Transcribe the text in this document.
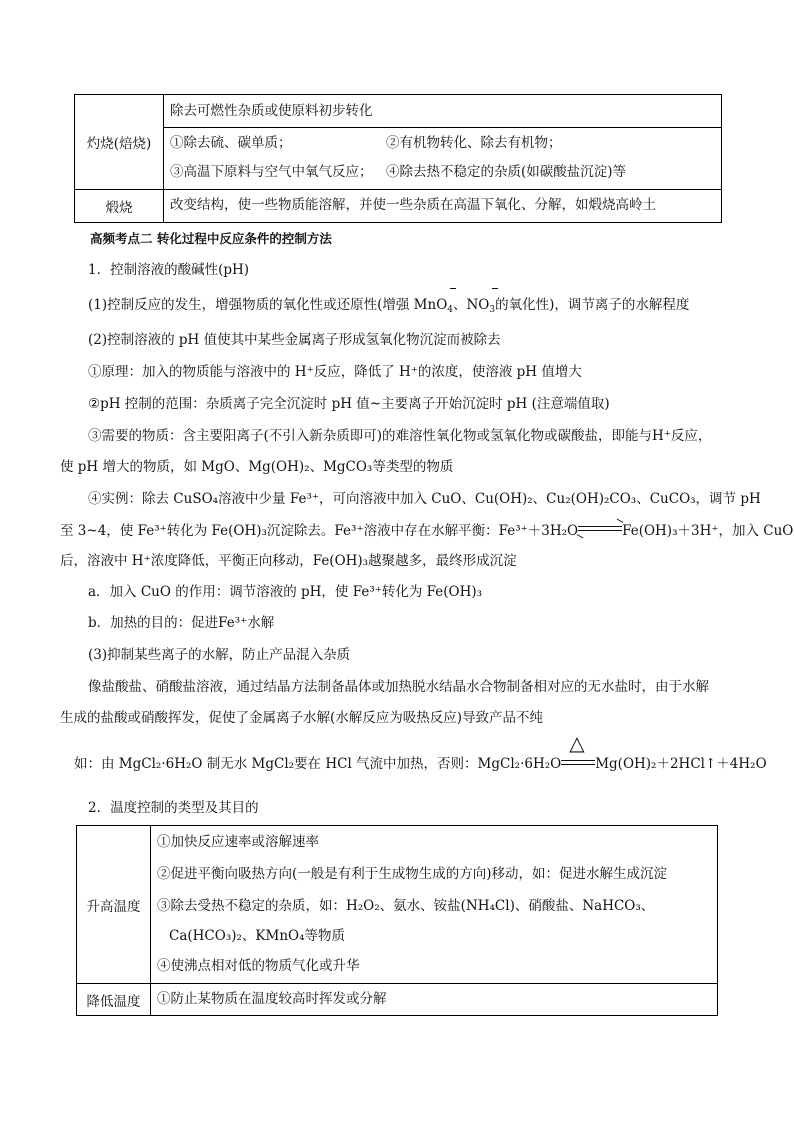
灼烧(焙烧)	除去可燃性杂质或使原料初步转化
①除去硫、碳单质； ②有机物转化、除去有机物；
③高温下原料与空气中氧气反应； ④除去热不稳定的杂质(如碳酸盐沉淀)等

煅烧	改变结构，使一些物质能溶解，并使一些杂质在高温下氧化、分解，如煅烧高岭土
高频考点二 转化过程中反应条件的控制方法
1．控制溶液的酸碱性(pH)
(1)控制反应的发生，增强物质的氧化性或还原性(增强 MnO$_4$、$NO_3$的氧化性)，调节离子的水解程度
(2)控制溶液的 pH 值使其中某些金属离子形成氢氧化物沉淀而被除去
①原理：加入的物质能与溶液中的 H⁺反应，降低了 H⁺的浓度，使溶液 pH 值增大
②pH 控制的范围：杂质离子完全沉淀时 pH 值~主要离子开始沉淀时 pH (注意端值取)
③需要的物质：含主要阳离子(不引入新杂质即可)的难溶性氧化物或氢氧化物或碳酸盐，即能与H⁺反应，
使 pH 增大的物质，如 MgO、Mg(OH)₂、MgCO₃等类型的物质
④实例：除去 CuSO₄溶液中少量 Fe³⁺，可向溶液中加入 CuO、Cu(OH)₂、Cu₂(OH)₂CO₃、CuCO₃，调节 pH
至 3~4，使 Fe³⁺转化为 Fe(OH)₃沉淀除去。Fe³⁺溶液中存在水解平衡：Fe³⁺＋3H₂O⇌Fe(OH)₃＋3H⁺，加入 CuO
后，溶液中 H⁺浓度降低，平衡正向移动，Fe(OH)₃越聚越多，最终形成沉淀
a．加入 CuO 的作用：调节溶液的 pH，使 Fe³⁺转化为 Fe(OH)₃
b．加热的目的：促进Fe³⁺水解
(3)抑制某些离子的水解，防止产品混入杂质
像盐酸盐、硝酸盐溶液，通过结晶方法制备晶体或加热脱水结晶水合物制备相对应的无水盐时，由于水解
生成的盐酸或硝酸挥发，促使了金属离子水解(水解反应为吸热反应)导致产品不纯
如：由 MgCl₂·6H₂O 制无水 MgCl₂要在 HCl 气流中加热，否则：MgCl₂·6H₂O
△
Mg(OH)₂＋2HCl↑＋4H₂O
2．温度控制的类型及其目的
升高温度	①加快反应速率或溶解速率
②促进平衡向吸热方向(一般是有利于生成物生成的方向)移动，如：促进水解生成沉淀
③除去受热不稳定的杂质，如：H₂O₂、氨水、铵盐(NH₄Cl)、硝酸盐、NaHCO₃、
Ca(HCO₃)₂、KMnO₄等物质
④使沸点相对低的物质气化或升华

降低温度	①防止某物质在温度较高时挥发或分解
